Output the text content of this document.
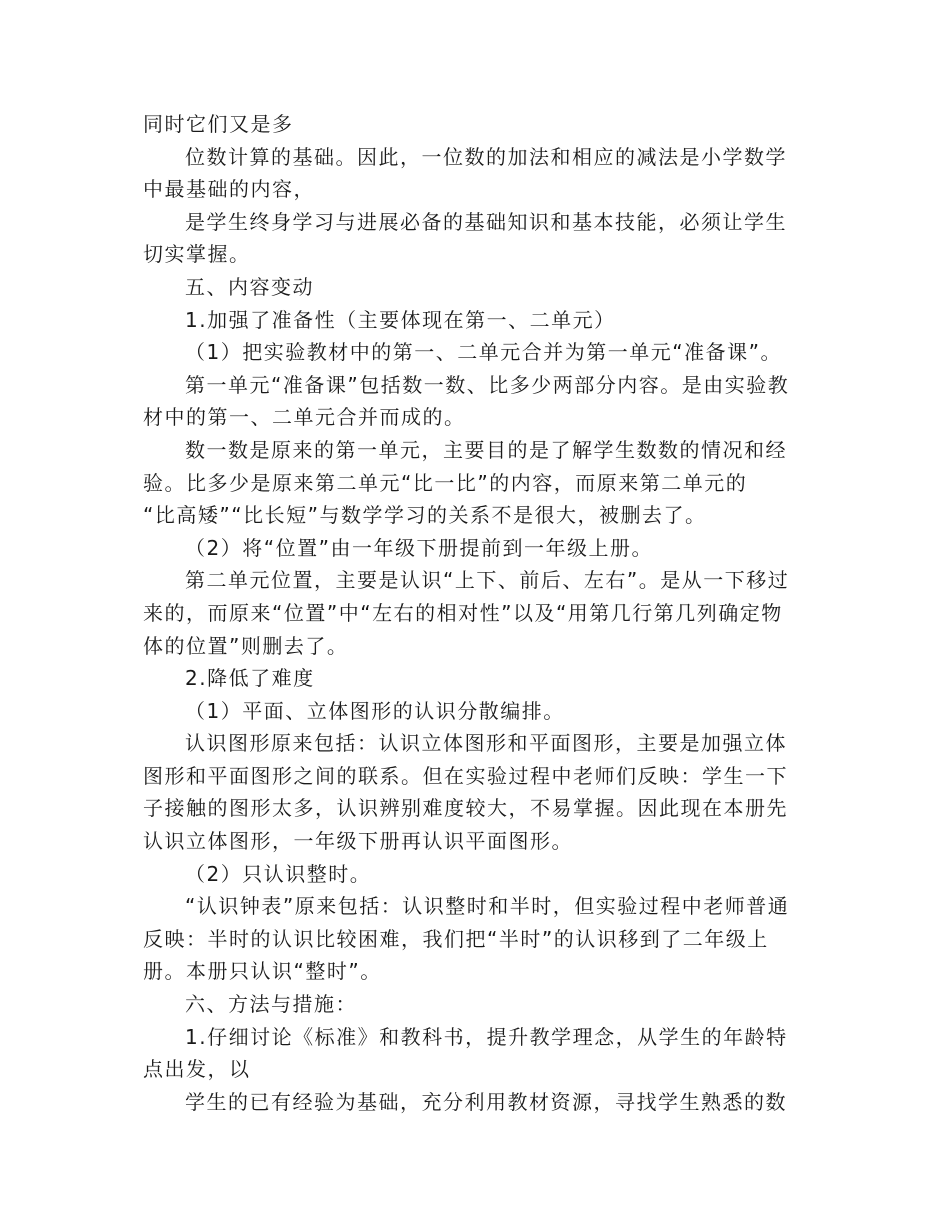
同时它们又是多

位数计算的基础。因此，一位数的加法和相应的减法是小学数学中最基础的内容，

是学生终身学习与进展必备的基础知识和基本技能，必须让学生切实掌握。

五、内容变动

1.加强了准备性（主要体现在第一、二单元）

（1）把实验教材中的第一、二单元合并为第一单元“准备课”。

第一单元“准备课”包括数一数、比多少两部分内容。是由实验教材中的第一、二单元合并而成的。

数一数是原来的第一单元，主要目的是了解学生数数的情况和经验。比多少是原来第二单元“比一比”的内容，而原来第二单元的

“比高矮”“比长短”与数学学习的关系不是很大，被删去了。

（2）将“位置”由一年级下册提前到一年级上册。

第二单元位置，主要是认识“上下、前后、左右”。是从一下移过来的，而原来“位置”中“左右的相对性”以及“用第几行第几列确定物体的位置”则删去了。

2.降低了难度

（1）平面、立体图形的认识分散编排。

认识图形原来包括：认识立体图形和平面图形，主要是加强立体图形和平面图形之间的联系。但在实验过程中老师们反映：学生一下子接触的图形太多，认识辨别难度较大，不易掌握。因此现在本册先认识立体图形，一年级下册再认识平面图形。

（2）只认识整时。

“认识钟表”原来包括：认识整时和半时，但实验过程中老师普通反映：半时的认识比较困难，我们把“半时”的认识移到了二年级上册。本册只认识“整时”。

六、方法与措施：

1.仔细讨论《标准》和教科书，提升教学理念，从学生的年龄特点出发，以

学生的已有经验为基础，充分利用教材资源，寻找学生熟悉的数
